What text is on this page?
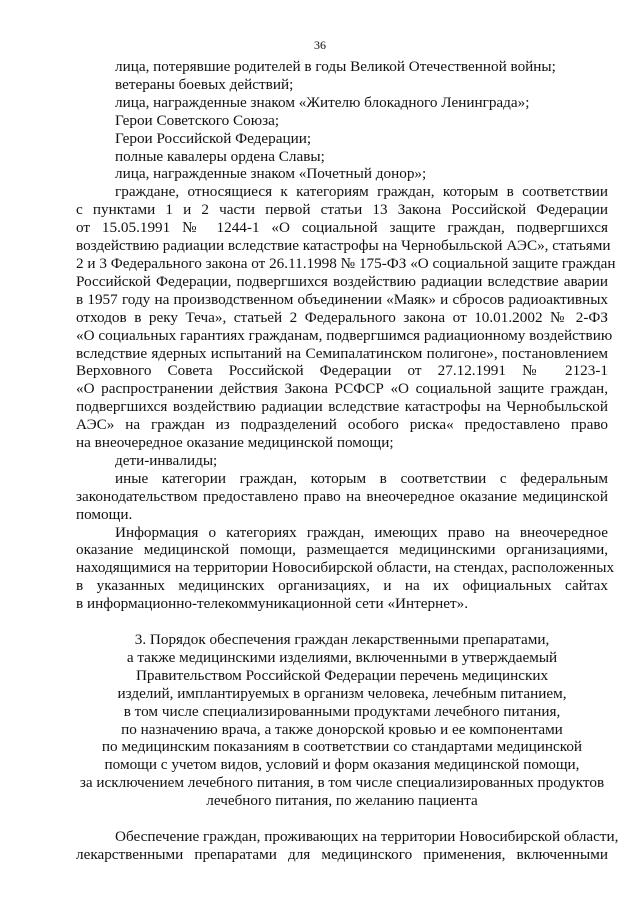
36
лица, потерявшие родителей в годы Великой Отечественной войны;
ветераны боевых действий;
лица, награжденные знаком «Жителю блокадного Ленинграда»;
Герои Советского Союза;
Герои Российской Федерации;
полные кавалеры ордена Славы;
лица, награжденные знаком «Почетный донор»;
граждане, относящиеся к категориям граждан, которым в соответствии
с пунктами 1 и 2 части первой статьи 13 Закона Российской Федерации
от 15.05.1991 № 1244-1 «О социальной защите граждан, подвергшихся
воздействию радиации вследствие катастрофы на Чернобыльской АЭС», статьями
2 и 3 Федерального закона от 26.11.1998 № 175-ФЗ «О социальной защите граждан
Российской Федерации, подвергшихся воздействию радиации вследствие аварии
в 1957 году на производственном объединении «Маяк» и сбросов радиоактивных
отходов в реку Теча», статьей 2 Федерального закона от 10.01.2002 № 2-ФЗ
«О социальных гарантиях гражданам, подвергшимся радиационному воздействию
вследствие ядерных испытаний на Семипалатинском полигоне», постановлением
Верховного Совета Российской Федерации от 27.12.1991 № 2123-1
«О распространении действия Закона РСФСР «О социальной защите граждан,
подвергшихся воздействию радиации вследствие катастрофы на Чернобыльской
АЭС» на граждан из подразделений особого риска« предоставлено право
на внеочередное оказание медицинской помощи;
дети-инвалиды;
иные категории граждан, которым в соответствии с федеральным
законодательством предоставлено право на внеочередное оказание медицинской
помощи.
Информация о категориях граждан, имеющих право на внеочередное
оказание медицинской помощи, размещается медицинскими организациями,
находящимися на территории Новосибирской области, на стендах, расположенных
в указанных медицинских организациях, и на их официальных сайтах
в информационно-телекоммуникационной сети «Интернет».
3. Порядок обеспечения граждан лекарственными препаратами,
а также медицинскими изделиями, включенными в утверждаемый
Правительством Российской Федерации перечень медицинских
изделий, имплантируемых в организм человека, лечебным питанием,
в том числе специализированными продуктами лечебного питания,
по назначению врача, а также донорской кровью и ее компонентами
по медицинским показаниям в соответствии со стандартами медицинской
помощи с учетом видов, условий и форм оказания медицинской помощи,
за исключением лечебного питания, в том числе специализированных продуктов
лечебного питания, по желанию пациента
Обеспечение граждан, проживающих на территории Новосибирской области,
лекарственными препаратами для медицинского применения, включенными
